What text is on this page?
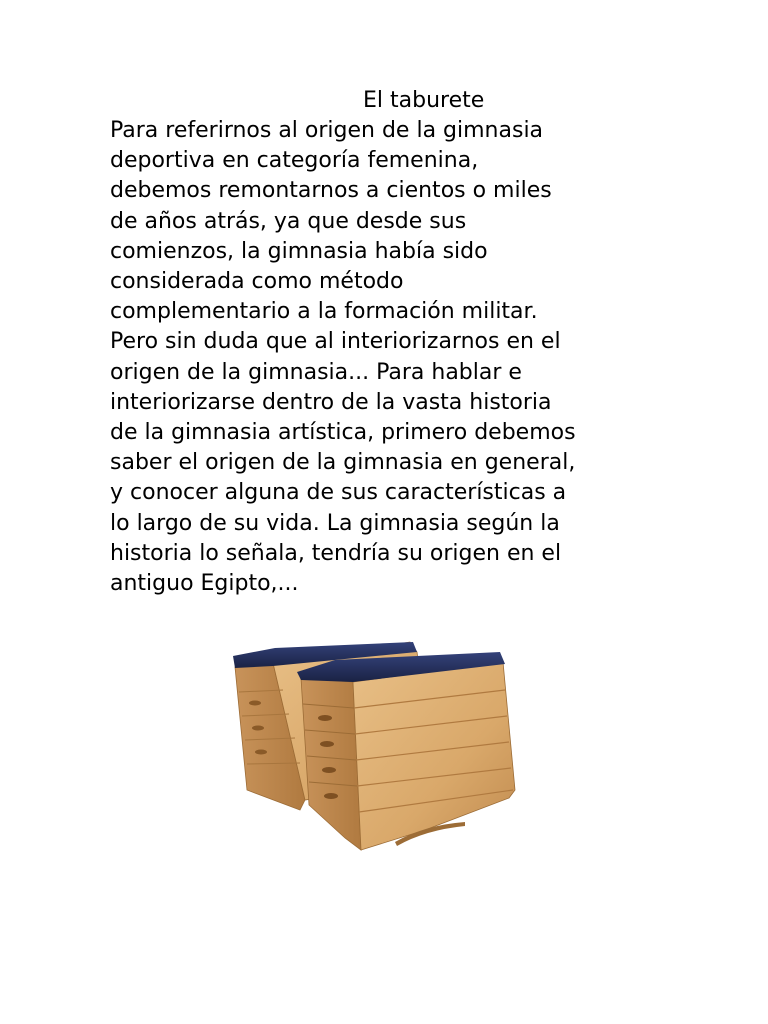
El taburete
Para referirnos al origen de la gimnasia
deportiva en categoría femenina,
debemos remontarnos a cientos o miles
de años atrás, ya que desde sus
comienzos, la gimnasia había sido
considerada como método
complementario a la formación militar.
Pero sin duda que al interiorizarnos en el
origen de la gimnasia... Para hablar e
interiorizarse dentro de la vasta historia
de la gimnasia artística, primero debemos
saber el origen de la gimnasia en general,
y conocer alguna de sus características a
lo largo de su vida. La gimnasia según la
historia lo señala, tendría su origen en el
antiguo Egipto,...
